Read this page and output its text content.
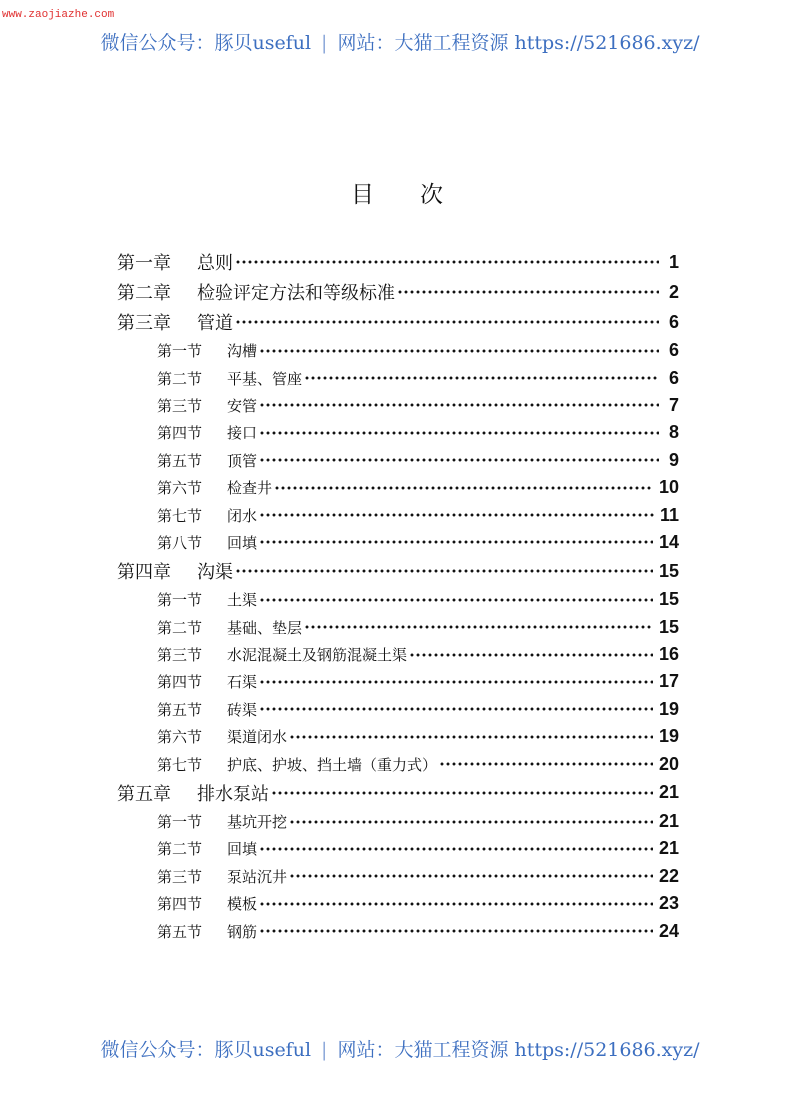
www.zaojiazhe.com
微信公众号：豚贝useful | 网站：大猫工程资源 https://521686.xyz/
目次
第一章	总则	1
第二章	检验评定方法和等级标准	2
第三章	管道	6
第一节	沟槽	6
第二节	平基、管座	6
第三节	安管	7
第四节	接口	8
第五节	顶管	9
第六节	检查井	10
第七节	闭水	11
第八节	回填	14
第四章	沟渠	15
第一节	土渠	15
第二节	基础、垫层	15
第三节	水泥混凝土及钢筋混凝土渠	16
第四节	石渠	17
第五节	砖渠	19
第六节	渠道闭水	19
第七节	护底、护坡、挡土墙（重力式）	20
第五章	排水泵站	21
第一节	基坑开挖	21
第二节	回填	21
第三节	泵站沉井	22
第四节	模板	23
第五节	钢筋	24
微信公众号：豚贝useful | 网站：大猫工程资源 https://521686.xyz/
